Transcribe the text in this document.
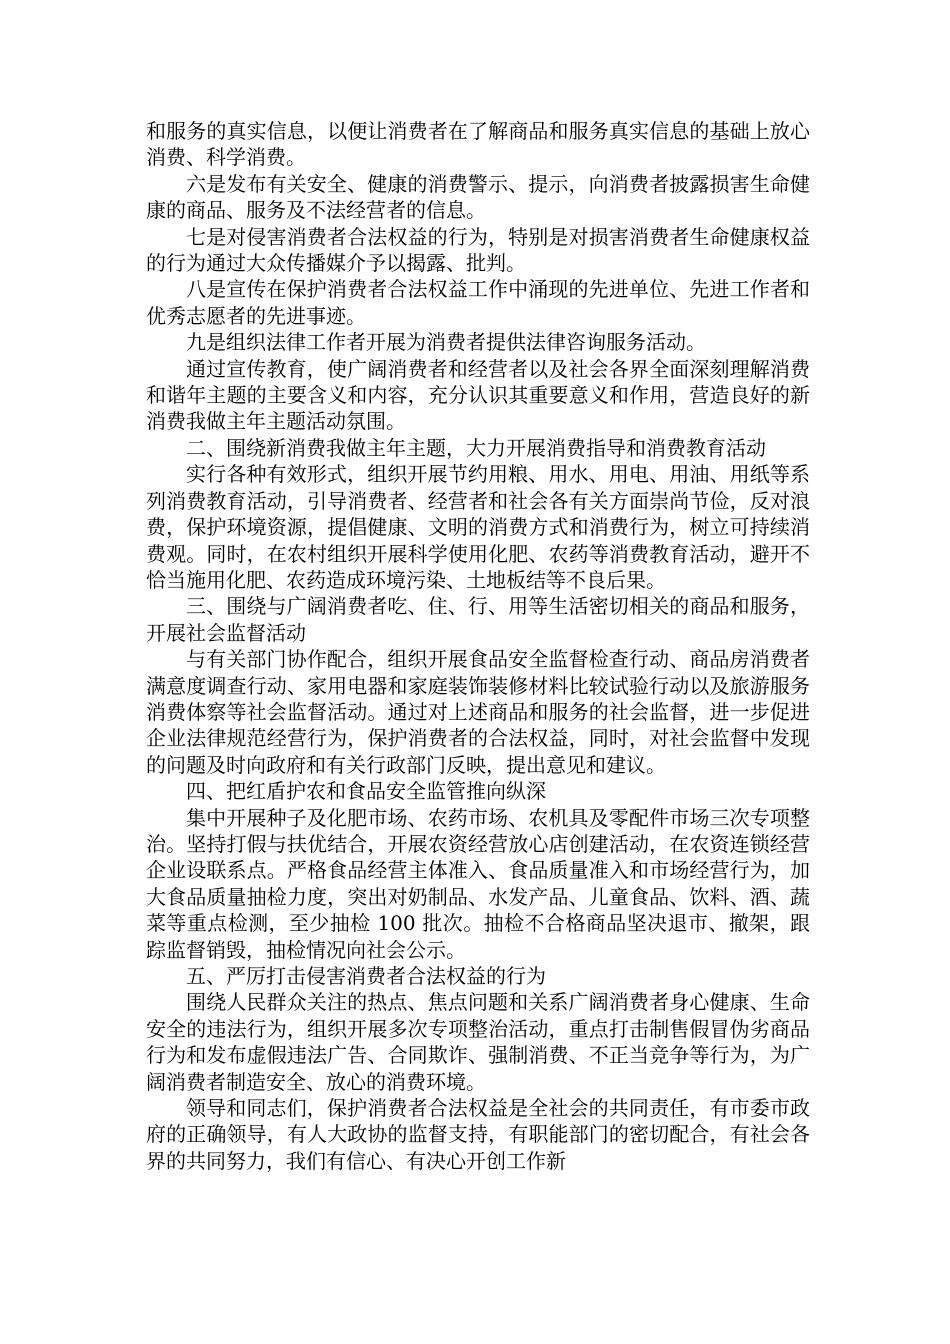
和服务的真实信息，以便让消费者在了解商品和服务真实信息的基础上放心消费、科学消费。

六是发布有关安全、健康的消费警示、提示，向消费者披露损害生命健康的商品、服务及不法经营者的信息。

七是对侵害消费者合法权益的行为，特别是对损害消费者生命健康权益的行为通过大众传播媒介予以揭露、批判。

八是宣传在保护消费者合法权益工作中涌现的先进单位、先进工作者和优秀志愿者的先进事迹。

九是组织法律工作者开展为消费者提供法律咨询服务活动。

通过宣传教育，使广阔消费者和经营者以及社会各界全面深刻理解消费和谐年主题的主要含义和内容，充分认识其重要意义和作用，营造良好的新消费我做主年主题活动氛围。

二、围绕新消费我做主年主题，大力开展消费指导和消费教育活动

实行各种有效形式，组织开展节约用粮、用水、用电、用油、用纸等系列消费教育活动，引导消费者、经营者和社会各有关方面崇尚节俭，反对浪费，保护环境资源，提倡健康、文明的消费方式和消费行为，树立可持续消费观。同时，在农村组织开展科学使用化肥、农药等消费教育活动，避开不恰当施用化肥、农药造成环境污染、土地板结等不良后果。

三、围绕与广阔消费者吃、住、行、用等生活密切相关的商品和服务，开展社会监督活动

与有关部门协作配合，组织开展食品安全监督检查行动、商品房消费者满意度调查行动、家用电器和家庭装饰装修材料比较试验行动以及旅游服务消费体察等社会监督活动。通过对上述商品和服务的社会监督，进一步促进企业法律规范经营行为，保护消费者的合法权益，同时，对社会监督中发现的问题及时向政府和有关行政部门反映，提出意见和建议。

四、把红盾护农和食品安全监管推向纵深

集中开展种子及化肥市场、农药市场、农机具及零配件市场三次专项整治。坚持打假与扶优结合，开展农资经营放心店创建活动，在农资连锁经营企业设联系点。严格食品经营主体准入、食品质量准入和市场经营行为，加大食品质量抽检力度，突出对奶制品、水发产品、儿童食品、饮料、酒、蔬菜等重点检测，至少抽检 100 批次。抽检不合格商品坚决退市、撤架，跟踪监督销毁，抽检情况向社会公示。

五、严厉打击侵害消费者合法权益的行为

围绕人民群众关注的热点、焦点问题和关系广阔消费者身心健康、生命安全的违法行为，组织开展多次专项整治活动，重点打击制售假冒伪劣商品行为和发布虚假违法广告、合同欺诈、强制消费、不正当竞争等行为，为广阔消费者制造安全、放心的消费环境。

领导和同志们，保护消费者合法权益是全社会的共同责任，有市委市政府的正确领导，有人大政协的监督支持，有职能部门的密切配合，有社会各界的共同努力，我们有信心、有决心开创工作新
